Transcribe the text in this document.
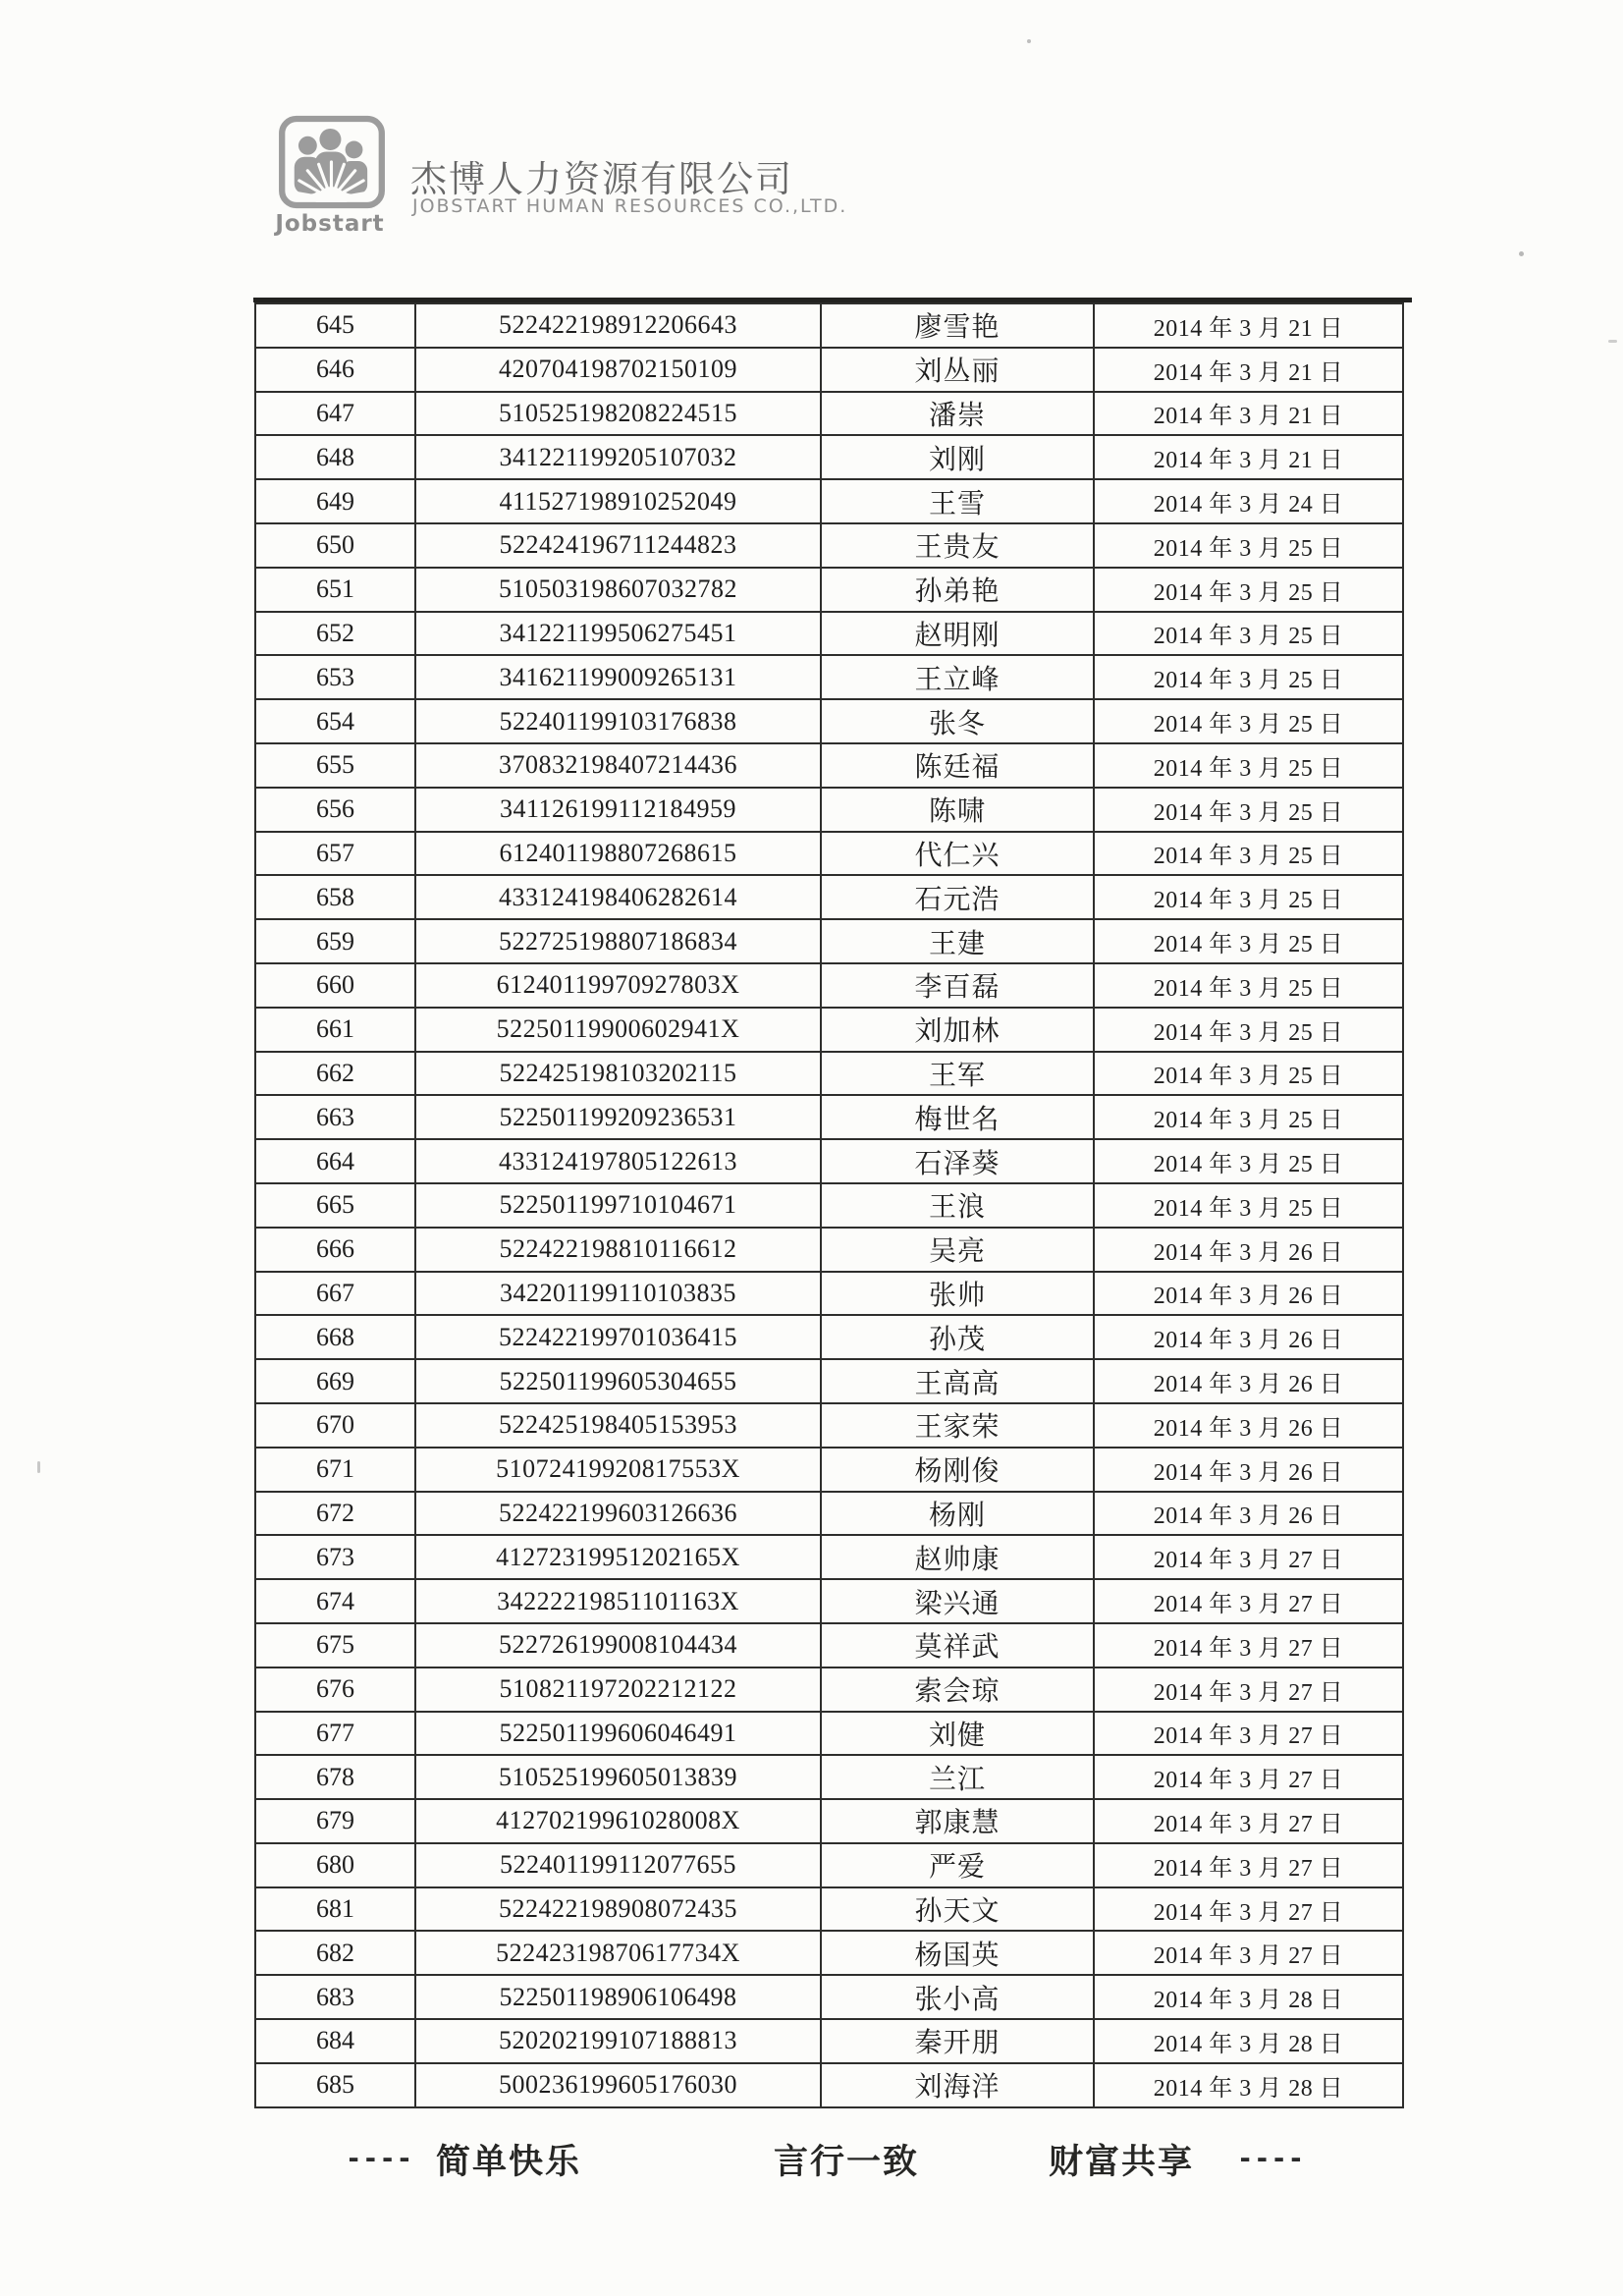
Jobstart
杰博人力资源有限公司
JOBSTART HUMAN RESOURCES CO.,LTD.
645	522422198912206643	廖雪艳	2014 年 3 月 21 日
646	420704198702150109	刘丛丽	2014 年 3 月 21 日
647	510525198208224515	潘崇	2014 年 3 月 21 日
648	341221199205107032	刘刚	2014 年 3 月 21 日
649	411527198910252049	王雪	2014 年 3 月 24 日
650	522424196711244823	王贵友	2014 年 3 月 25 日
651	510503198607032782	孙弟艳	2014 年 3 月 25 日
652	341221199506275451	赵明刚	2014 年 3 月 25 日
653	341621199009265131	王立峰	2014 年 3 月 25 日
654	522401199103176838	张冬	2014 年 3 月 25 日
655	370832198407214436	陈廷福	2014 年 3 月 25 日
656	341126199112184959	陈啸	2014 年 3 月 25 日
657	612401198807268615	代仁兴	2014 年 3 月 25 日
658	433124198406282614	石元浩	2014 年 3 月 25 日
659	522725198807186834	王建	2014 年 3 月 25 日
660	61240119970927803X	李百磊	2014 年 3 月 25 日
661	52250119900602941X	刘加林	2014 年 3 月 25 日
662	522425198103202115	王军	2014 年 3 月 25 日
663	522501199209236531	梅世名	2014 年 3 月 25 日
664	433124197805122613	石泽葵	2014 年 3 月 25 日
665	522501199710104671	王浪	2014 年 3 月 25 日
666	522422198810116612	吴亮	2014 年 3 月 26 日
667	342201199110103835	张帅	2014 年 3 月 26 日
668	522422199701036415	孙茂	2014 年 3 月 26 日
669	522501199605304655	王高高	2014 年 3 月 26 日
670	522425198405153953	王家荣	2014 年 3 月 26 日
671	51072419920817553X	杨刚俊	2014 年 3 月 26 日
672	522422199603126636	杨刚	2014 年 3 月 26 日
673	41272319951202165X	赵帅康	2014 年 3 月 27 日
674	34222219851101163X	梁兴通	2014 年 3 月 27 日
675	522726199008104434	莫祥武	2014 年 3 月 27 日
676	510821197202212122	索会琼	2014 年 3 月 27 日
677	522501199606046491	刘健	2014 年 3 月 27 日
678	510525199605013839	兰江	2014 年 3 月 27 日
679	41270219961028008X	郭康慧	2014 年 3 月 27 日
680	522401199112077655	严爱	2014 年 3 月 27 日
681	522422198908072435	孙天文	2014 年 3 月 27 日
682	52242319870617734X	杨国英	2014 年 3 月 27 日
683	522501198906106498	张小高	2014 年 3 月 28 日
684	520202199107188813	秦开朋	2014 年 3 月 28 日
685	500236199605176030	刘海洋	2014 年 3 月 28 日
---- 简单快乐	言行一致	财富共享 ----
